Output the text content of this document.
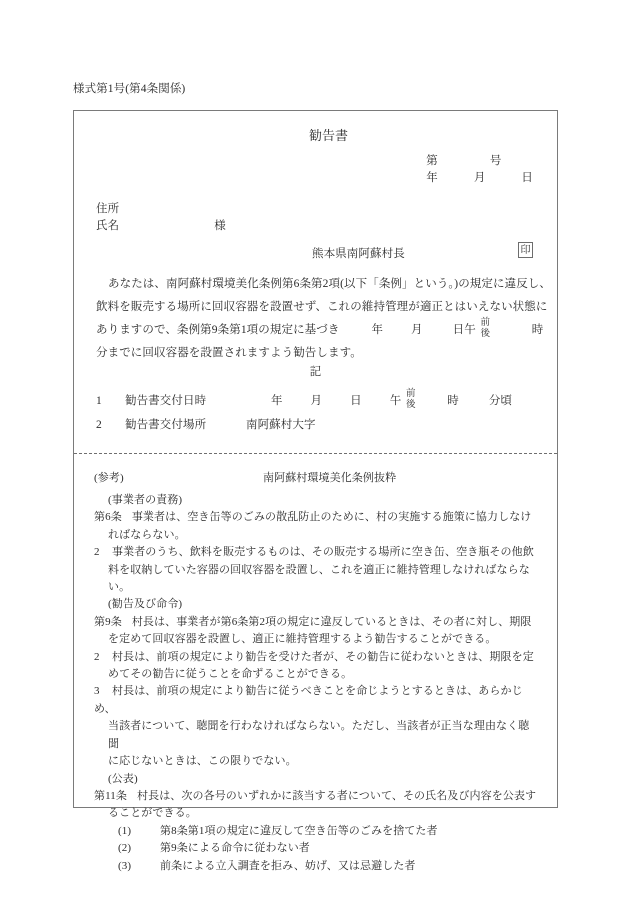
様式第1号(第4条関係)
勧告書
第	号
年	月	日
住所
氏名	様
熊本県南阿蘇村長	印
あなたは、南阿蘇村環境美化条例第6条第2項(以下「条例」という。)の規定に違反し、
飲料を販売する場所に回収容器を設置せず、これの維持管理が適正とはいえない状態に
ありますので、条例第9条第1項の規定に基づき	年 月	日午
前
後	時
分までに回収容器を設置されますよう勧告します。
記
1 勧告書交付日時	年 月 日 午
前
後	時	分頃
2 勧告書交付場所	南阿蘇村大字
(参考)	南阿蘇村環境美化条例抜粋
(事業者の責務)
第6条 事業者は、空き缶等のごみの散乱防止のために、村の実施する施策に協力しなけ
ればならない。
2 事業者のうち、飲料を販売するものは、その販売する場所に空き缶、空き瓶その他飲
料を収納していた容器の回収容器を設置し、これを適正に維持管理しなければならない。
(勧告及び命令)
第9条 村長は、事業者が第6条第2項の規定に違反しているときは、その者に対し、期限
を定めて回収容器を設置し、適正に維持管理するよう勧告することができる。
2 村長は、前項の規定により勧告を受けた者が、その勧告に従わないときは、期限を定
めてその勧告に従うことを命ずることができる。
3 村長は、前項の規定により勧告に従うべきことを命じようとするときは、あらかじめ、
当該者について、聴聞を行わなければならない。ただし、当該者が正当な理由なく聴聞
に応じないときは、この限りでない。
(公表)
第11条 村長は、次の各号のいずれかに該当する者について、その氏名及び内容を公表す
ることができる。
(1)	第8条第1項の規定に違反して空き缶等のごみを捨てた者
(2)	第9条による命令に従わない者
(3)	前条による立入調査を拒み、妨げ、又は忌避した者
